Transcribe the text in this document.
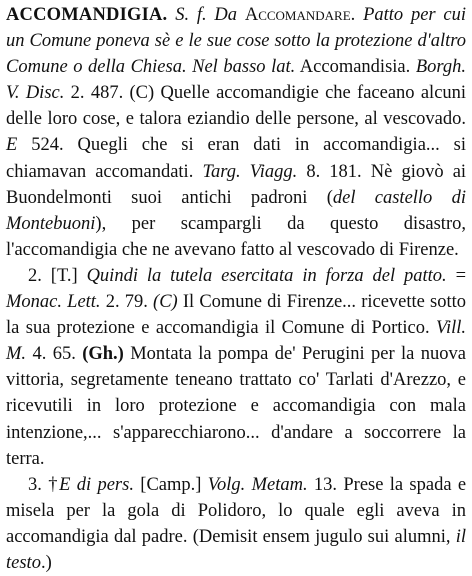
ACCOMANDIGIA. S. f. Da Accomandare. Patto per cui un Comune poneva sè e le sue cose sotto la protezione d'altro Comune o della Chiesa. Nel basso lat. Accomandisia. Borgh. V. Disc. 2. 487. (C) Quelle accomandigie che faceano alcuni delle loro cose, e talora eziandio delle persone, al vescovado. E 524. Quegli che si eran dati in accomandigia... si chiamavan accomandati. Targ. Viagg. 8. 181. Nè giovò ai Buondelmonti suoi antichi padroni (del castello di Montebuoni), per scampargli da questo disastro, l'accomandigia che ne avevano fatto al vescovado di Firenze.

2. [T.] Quindi la tutela esercitata in forza del patto. = Monac. Lett. 2. 79. (C) Il Comune di Firenze... ricevette sotto la sua protezione e accomandigia il Comune di Portico. Vill. M. 4. 65. (Gh.) Montata la pompa de' Perugini per la nuova vittoria, segretamente teneano trattato co' Tarlati d'Arezzo, e ricevutili in loro protezione e accomandigia con mala intenzione,... s'apparecchiarono... d'andare a soccorrere la terra.

3. †E di pers. [Camp.] Volg. Metam. 13. Prese la spada e misela per la gola di Polidoro, lo quale egli aveva in accomandigia dal padre. (Demisit ensem jugulo sui alumni, il testo.)
